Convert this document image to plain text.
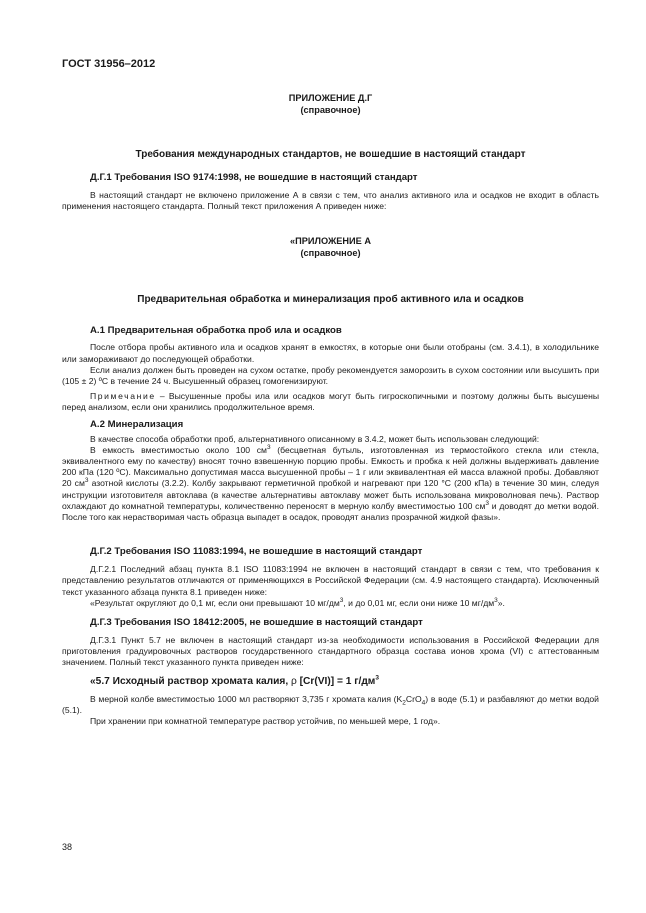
ГОСТ 31956–2012
ПРИЛОЖЕНИЕ Д.Г
(справочное)
Требования международных стандартов, не вошедшие в настоящий стандарт
Д.Г.1 Требования ISO 9174:1998, не вошедшие в настоящий стандарт

В настоящий стандарт не включено приложение А в связи с тем, что анализ активного ила и осадков не входит в область применения настоящего стандарта. Полный текст приложения А приведен ниже:

«ПРИЛОЖЕНИЕ А
(справочное)
Предварительная обработка и минерализация проб активного ила и осадков
А.1 Предварительная обработка проб ила и осадков

После отбора пробы активного ила и осадков хранят в емкостях, в которые они были отобраны (см. 3.4.1), в холодильнике или замораживают до последующей обработки.

Если анализ должен быть проведен на сухом остатке, пробу рекомендуется заморозить в сухом состоянии или высушить при (105 ± 2) ºС в течение 24 ч. Высушенный образец гомогенизируют.

Примечание – Высушенные пробы ила или осадков могут быть гигроскопичными и поэтому должны быть высушены перед анализом, если они хранились продолжительное время.

А.2 Минерализация

В качестве способа обработки проб, альтернативного описанному в 3.4.2, может быть использован следующий:

В емкость вместимостью около 100 $см^3$ (бесцветная бутыль, изготовленная из термостойкого стекла или стекла, эквивалентного ему по качеству) вносят точно взвешенную порцию пробы. Емкость и пробка к ней должны выдерживать давление 200 кПа (120 ºС). Максимально допустимая масса высушенной пробы – 1 г или эквивалентная ей масса влажной пробы. Добавляют 20 $см^3$ азотной кислоты (3.2.2). Колбу закрывают герметичной пробкой и нагревают при 120 °С (200 кПа) в течение 30 мин, следуя инструкции изготовителя автоклава (в качестве альтернативы автоклаву может быть использована микроволновая печь). Раствор охлаждают до комнатной температуры, количественно переносят в мерную колбу вместимостью 100 $см^3$ и доводят до метки водой. После того как нерастворимая часть образца выпадет в осадок, проводят анализ прозрачной жидкой фазы».

Д.Г.2 Требования ISO 11083:1994, не вошедшие в настоящий стандарт

Д.Г.2.1 Последний абзац пункта 8.1 ISO 11083:1994 не включен в настоящий стандарт в связи с тем, что требования к представлению результатов отличаются от применяющихся в Российской Федерации (см. 4.9 настоящего стандарта). Исключенный текст указанного абзаца пункта 8.1 приведен ниже:

«Результат округляют до 0,1 мг, если они превышают 10 $мг/дм^3$, и до 0,01 мг, если они ниже 10 $мг/дм^3$».

Д.Г.3 Требования ISO 18412:2005, не вошедшие в настоящий стандарт

Д.Г.3.1 Пункт 5.7 не включен в настоящий стандарт из-за необходимости использования в Российской Федерации для приготовления градуировочных растворов государственного стандартного образца состава ионов хрома (VI) с аттестованным значением. Полный текст указанного пункта приведен ниже:

«5.7 Исходный раствор хромата калия, ρ [Cr(VI)] = 1 $г/дм^3$

В мерной колбе вместимостью 1000 мл растворяют 3,735 г хромата калия $(K_2CrO_4)$ в воде (5.1) и разбавляют до метки водой (5.1).

При хранении при комнатной температуре раствор устойчив, по меньшей мере, 1 год».

38
